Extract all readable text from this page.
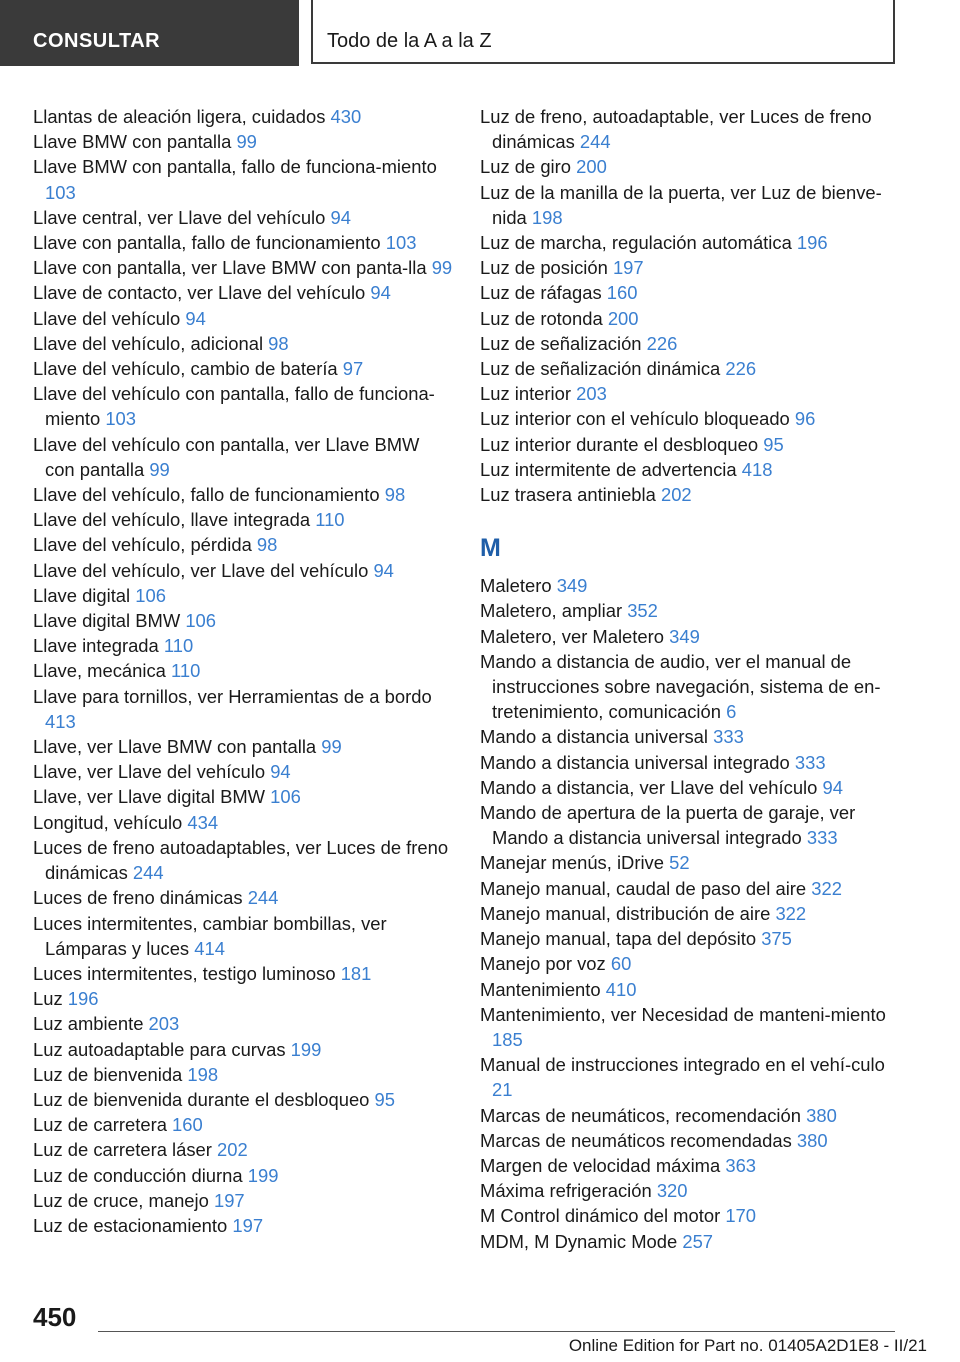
CONSULTAR	Todo de la A a la Z
Llantas de aleación ligera, cuidados 430
Llave BMW con pantalla 99
Llave BMW con pantalla, fallo de funciona-miento 103
Llave central, ver Llave del vehículo 94
Llave con pantalla, fallo de funcionamiento 103
Llave con pantalla, ver Llave BMW con panta-lla 99
Llave de contacto, ver Llave del vehículo 94
Llave del vehículo 94
Llave del vehículo, adicional 98
Llave del vehículo, cambio de batería 97
Llave del vehículo con pantalla, fallo de funciona-miento 103
Llave del vehículo con pantalla, ver Llave BMW con pantalla 99
Llave del vehículo, fallo de funcionamiento 98
Llave del vehículo, llave integrada 110
Llave del vehículo, pérdida 98
Llave del vehículo, ver Llave del vehículo 94
Llave digital 106
Llave digital BMW 106
Llave integrada 110
Llave, mecánica 110
Llave para tornillos, ver Herramientas de a bordo 413
Llave, ver Llave BMW con pantalla 99
Llave, ver Llave del vehículo 94
Llave, ver Llave digital BMW 106
Longitud, vehículo 434
Luces de freno autoadaptables, ver Luces de freno dinámicas 244
Luces de freno dinámicas 244
Luces intermitentes, cambiar bombillas, ver Lámparas y luces 414
Luces intermitentes, testigo luminoso 181
Luz 196
Luz ambiente 203
Luz autoadaptable para curvas 199
Luz de bienvenida 198
Luz de bienvenida durante el desbloqueo 95
Luz de carretera 160
Luz de carretera láser 202
Luz de conducción diurna 199
Luz de cruce, manejo 197
Luz de estacionamiento 197
Luz de freno, autoadaptable, ver Luces de freno dinámicas 244
Luz de giro 200
Luz de la manilla de la puerta, ver Luz de bienve-nida 198
Luz de marcha, regulación automática 196
Luz de posición 197
Luz de ráfagas 160
Luz de rotonda 200
Luz de señalización 226
Luz de señalización dinámica 226
Luz interior 203
Luz interior con el vehículo bloqueado 96
Luz interior durante el desbloqueo 95
Luz intermitente de advertencia 418
Luz trasera antiniebla 202
M
Maletero 349
Maletero, ampliar 352
Maletero, ver Maletero 349
Mando a distancia de audio, ver el manual de instrucciones sobre navegación, sistema de en-tretenimiento, comunicación 6
Mando a distancia universal 333
Mando a distancia universal integrado 333
Mando a distancia, ver Llave del vehículo 94
Mando de apertura de la puerta de garaje, ver Mando a distancia universal integrado 333
Manejar menús, iDrive 52
Manejo manual, caudal de paso del aire 322
Manejo manual, distribución de aire 322
Manejo manual, tapa del depósito 375
Manejo por voz 60
Mantenimiento 410
Mantenimiento, ver Necesidad de manteni-miento 185
Manual de instrucciones integrado en el vehí-culo 21
Marcas de neumáticos, recomendación 380
Marcas de neumáticos recomendadas 380
Margen de velocidad máxima 363
Máxima refrigeración 320
M Control dinámico del motor 170
MDM, M Dynamic Mode 257
450
Online Edition for Part no. 01405A2D1E8 - II/21
